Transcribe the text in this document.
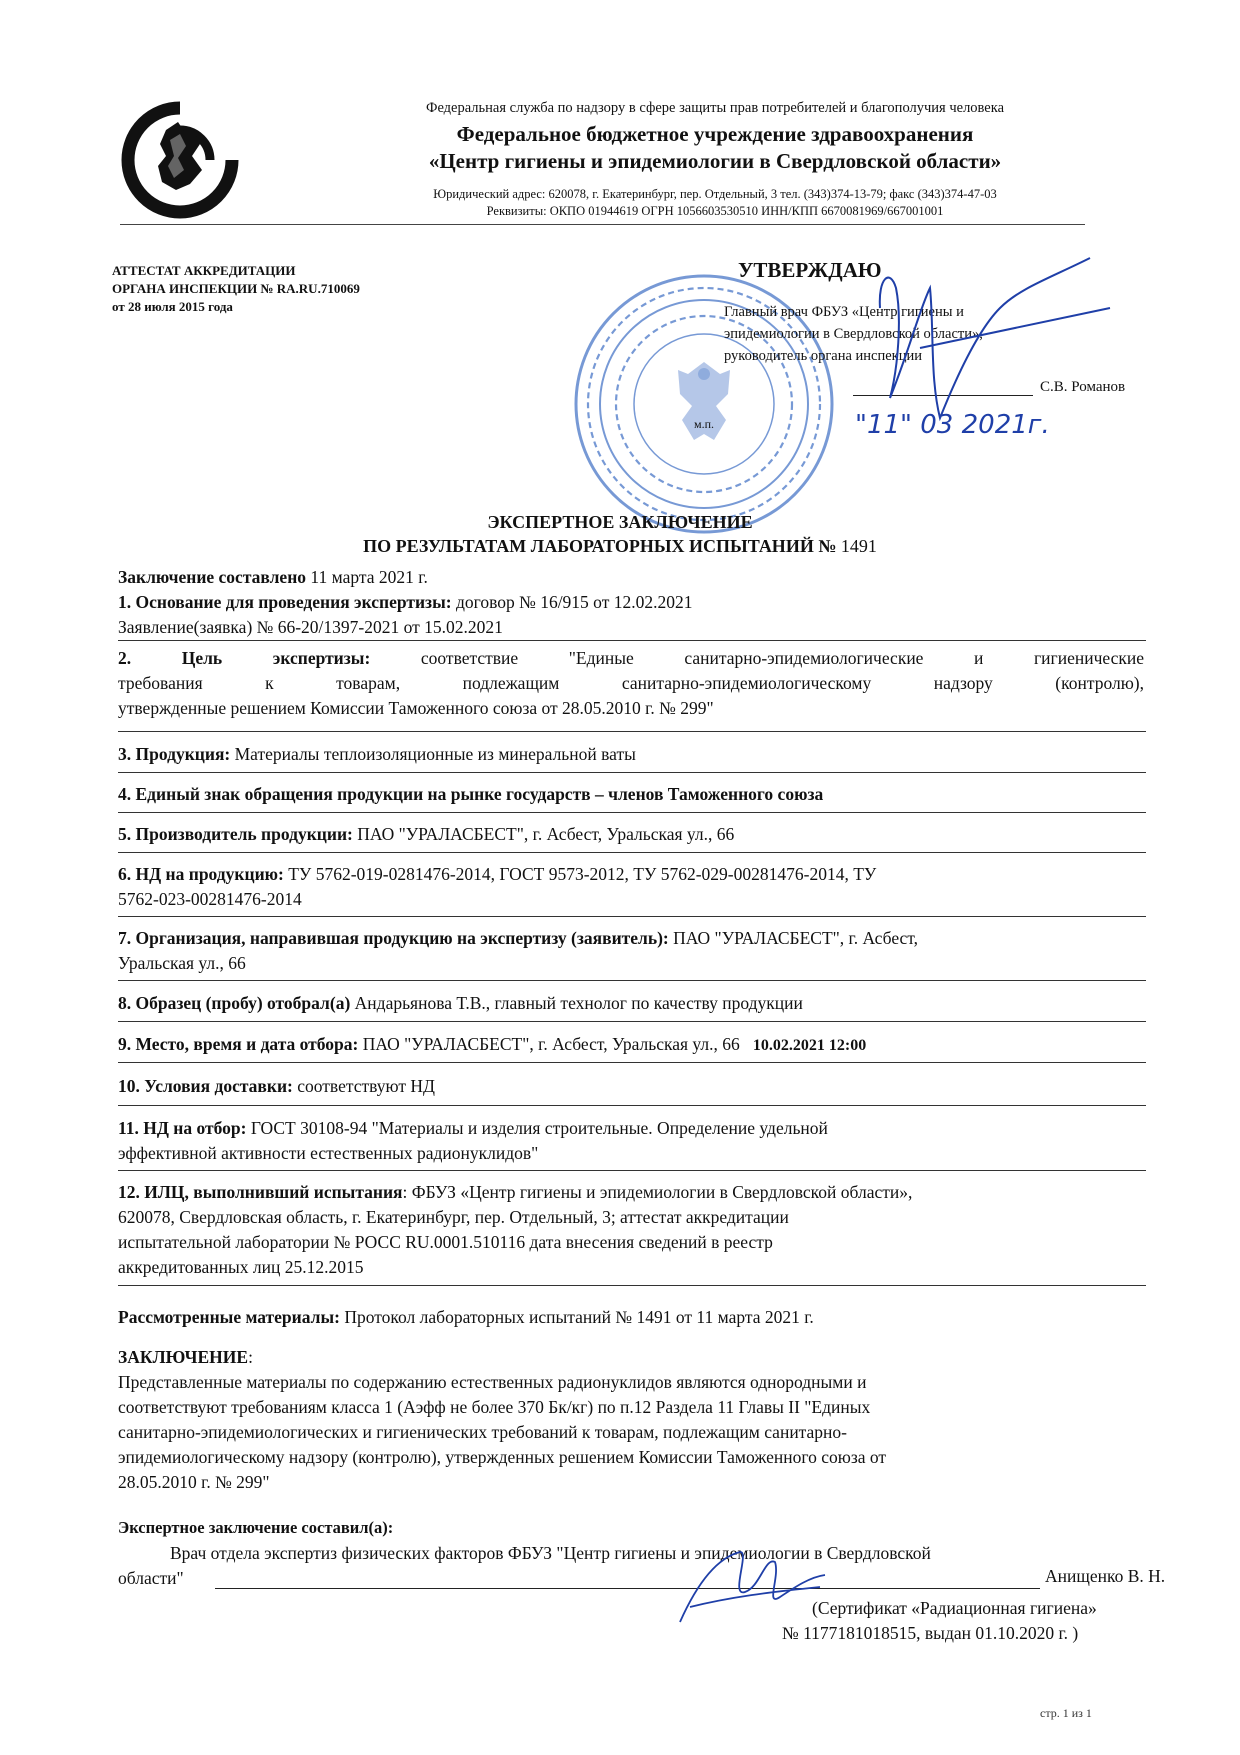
Федеральная служба по надзору в сфере защиты прав потребителей и благополучия человека
Федеральное бюджетное учреждение здравоохранения
«Центр гигиены и эпидемиологии в Свердловской области»
Юридический адрес: 620078, г. Екатеринбург, пер. Отдельный, 3 тел. (343)374-13-79; факс (343)374-47-03
Реквизиты: ОКПО 01944619 ОГРН 1056603530510 ИНН/КПП 6670081969/667001001
АТТЕСТАТ АККРЕДИТАЦИИ
ОРГАНА ИНСПЕКЦИИ № RA.RU.710069
от 28 июля 2015 года
УТВЕРЖДАЮ
Главный врач ФБУЗ «Центр гигиены и
эпидемиологии в Свердловской области»,
руководитель органа инспекции
С.В. Романов
м.п.	"11" 03 2021г.
ЭКСПЕРТНОЕ ЗАКЛЮЧЕНИЕ
ПО РЕЗУЛЬТАТАМ ЛАБОРАТОРНЫХ ИСПЫТАНИЙ № 1491
Заключение составлено 11 марта 2021 г.
1. Основание для проведения экспертизы: договор № 16/915 от 12.02.2021
Заявление(заявка) № 66-20/1397-2021 от 15.02.2021
2. Цель экспертизы:	соответствие "Единые санитарно-эпидемиологические и гигиенические
требования к товарам, подлежащим санитарно-эпидемиологическому надзору (контролю),
утвержденные решением Комиссии Таможенного союза от 28.05.2010 г. № 299"
3. Продукция: Материалы теплоизоляционные из минеральной ваты
4. Единый знак обращения продукции на рынке государств – членов Таможенного союза
5. Производитель продукции: ПАО "УРАЛАСБЕСТ", г. Асбест, Уральская ул., 66
6. НД на продукцию: ТУ 5762-019-0281476-2014, ГОСТ 9573-2012, ТУ 5762-029-00281476-2014, ТУ
5762-023-00281476-2014
7. Организация, направившая продукцию на экспертизу (заявитель): ПАО "УРАЛАСБЕСТ", г. Асбест,
Уральская ул., 66
8. Образец (пробу) отобрал(а) Андарьянова Т.В., главный технолог по качеству продукции
9. Место, время и дата отбора: ПАО "УРАЛАСБЕСТ", г. Асбест, Уральская ул., 66 10.02.2021 12:00
10. Условия доставки: соответствуют НД
11. НД на отбор: ГОСТ 30108-94 "Материалы и изделия строительные. Определение удельной
эффективной активности естественных радионуклидов"
12. ИЛЦ, выполнивший испытания: ФБУЗ «Центр гигиены и эпидемиологии в Свердловской области»,
620078, Свердловская область, г. Екатеринбург, пер. Отдельный, 3; аттестат аккредитации
испытательной лаборатории № РОСС RU.0001.510116 дата внесения сведений в реестр
аккредитованных лиц 25.12.2015
Рассмотренные материалы: Протокол лабораторных испытаний № 1491 от 11 марта 2021 г.
ЗАКЛЮЧЕНИЕ:
Представленные материалы по содержанию естественных радионуклидов являются однородными и
соответствуют требованиям класса 1 (Аэфф не более 370 Бк/кг) по п.12 Раздела 11 Главы II "Единых
санитарно-эпидемиологических и гигиенических требований к товарам, подлежащим санитарно-
эпидемиологическому надзору (контролю), утвержденных решением Комиссии Таможенного союза от
28.05.2010 г. № 299"
Экспертное заключение составил(а):
Врач отдела экспертиз физических факторов ФБУЗ "Центр гигиены и эпидемиологии в Свердловской
области"	Анищенко В. Н.
(Сертификат «Радиационная гигиена»
№ 1177181018515, выдан 01.10.2020 г. )
стр. 1 из 1
